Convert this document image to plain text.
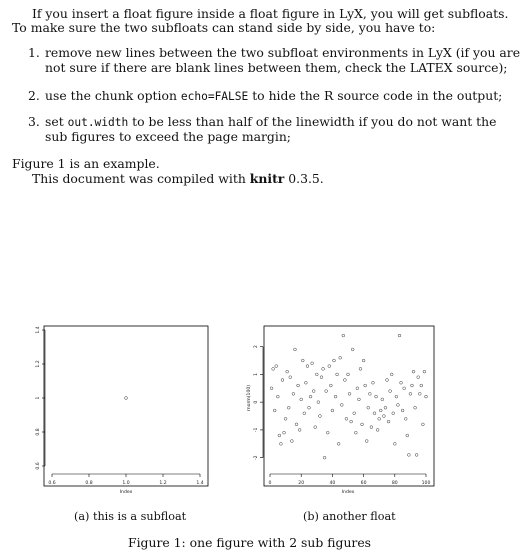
If you insert a float figure inside a float figure in LyX, you will get subfloats.
To make sure the two subfloats can stand side by side, you have to:
1. remove new lines between the two subfloat environments in LyX (if you are
not sure if there are blank lines between them, check the LATEX source);
2. use the chunk option echo=FALSE to hide the R source code in the output;
3. set out.width to be less than half of the linewidth if you do not want the
sub figures to exceed the page margin;
Figure 1 is an example.
This document was compiled with knitr 0.3.5.
0.6	0.8	1.0	1.2	1.4
Index
0.6
0.8
1
1.2
1.4
(a) this is a subfloat
0	20	40	60	80	100
Index
-2
-1
0
1
2
rnorm(100)
(b) another float
Figure 1: one figure with 2 sub figures
